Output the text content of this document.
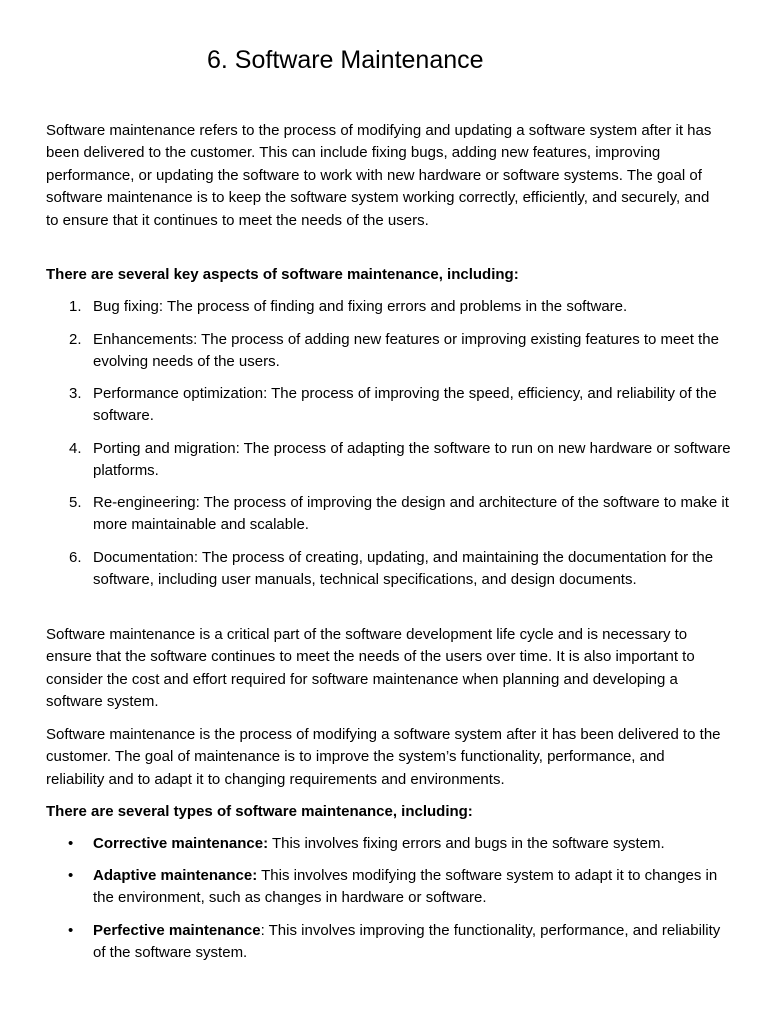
6. Software Maintenance

Software maintenance refers to the process of modifying and updating a software system after it has been delivered to the customer. This can include fixing bugs, adding new features, improving performance, or updating the software to work with new hardware or software systems. The goal of software maintenance is to keep the software system working correctly, efficiently, and securely, and to ensure that it continues to meet the needs of the users.

There are several key aspects of software maintenance, including:

1. Bug fixing: The process of finding and fixing errors and problems in the software.

2. Enhancements: The process of adding new features or improving existing features to meet the evolving needs of the users.

3. Performance optimization: The process of improving the speed, efficiency, and reliability of the software.

4. Porting and migration: The process of adapting the software to run on new hardware or software platforms.

5. Re-engineering: The process of improving the design and architecture of the software to make it more maintainable and scalable.

6. Documentation: The process of creating, updating, and maintaining the documentation for the software, including user manuals, technical specifications, and design documents.

Software maintenance is a critical part of the software development life cycle and is necessary to ensure that the software continues to meet the needs of the users over time. It is also important to consider the cost and effort required for software maintenance when planning and developing a software system.

Software maintenance is the process of modifying a software system after it has been delivered to the customer. The goal of maintenance is to improve the system’s functionality, performance, and reliability and to adapt it to changing requirements and environments.

There are several types of software maintenance, including:

• Corrective maintenance: This involves fixing errors and bugs in the software system.

• Adaptive maintenance: This involves modifying the software system to adapt it to changes in the environment, such as changes in hardware or software.

• Perfective maintenance: This involves improving the functionality, performance, and reliability of the software system.
